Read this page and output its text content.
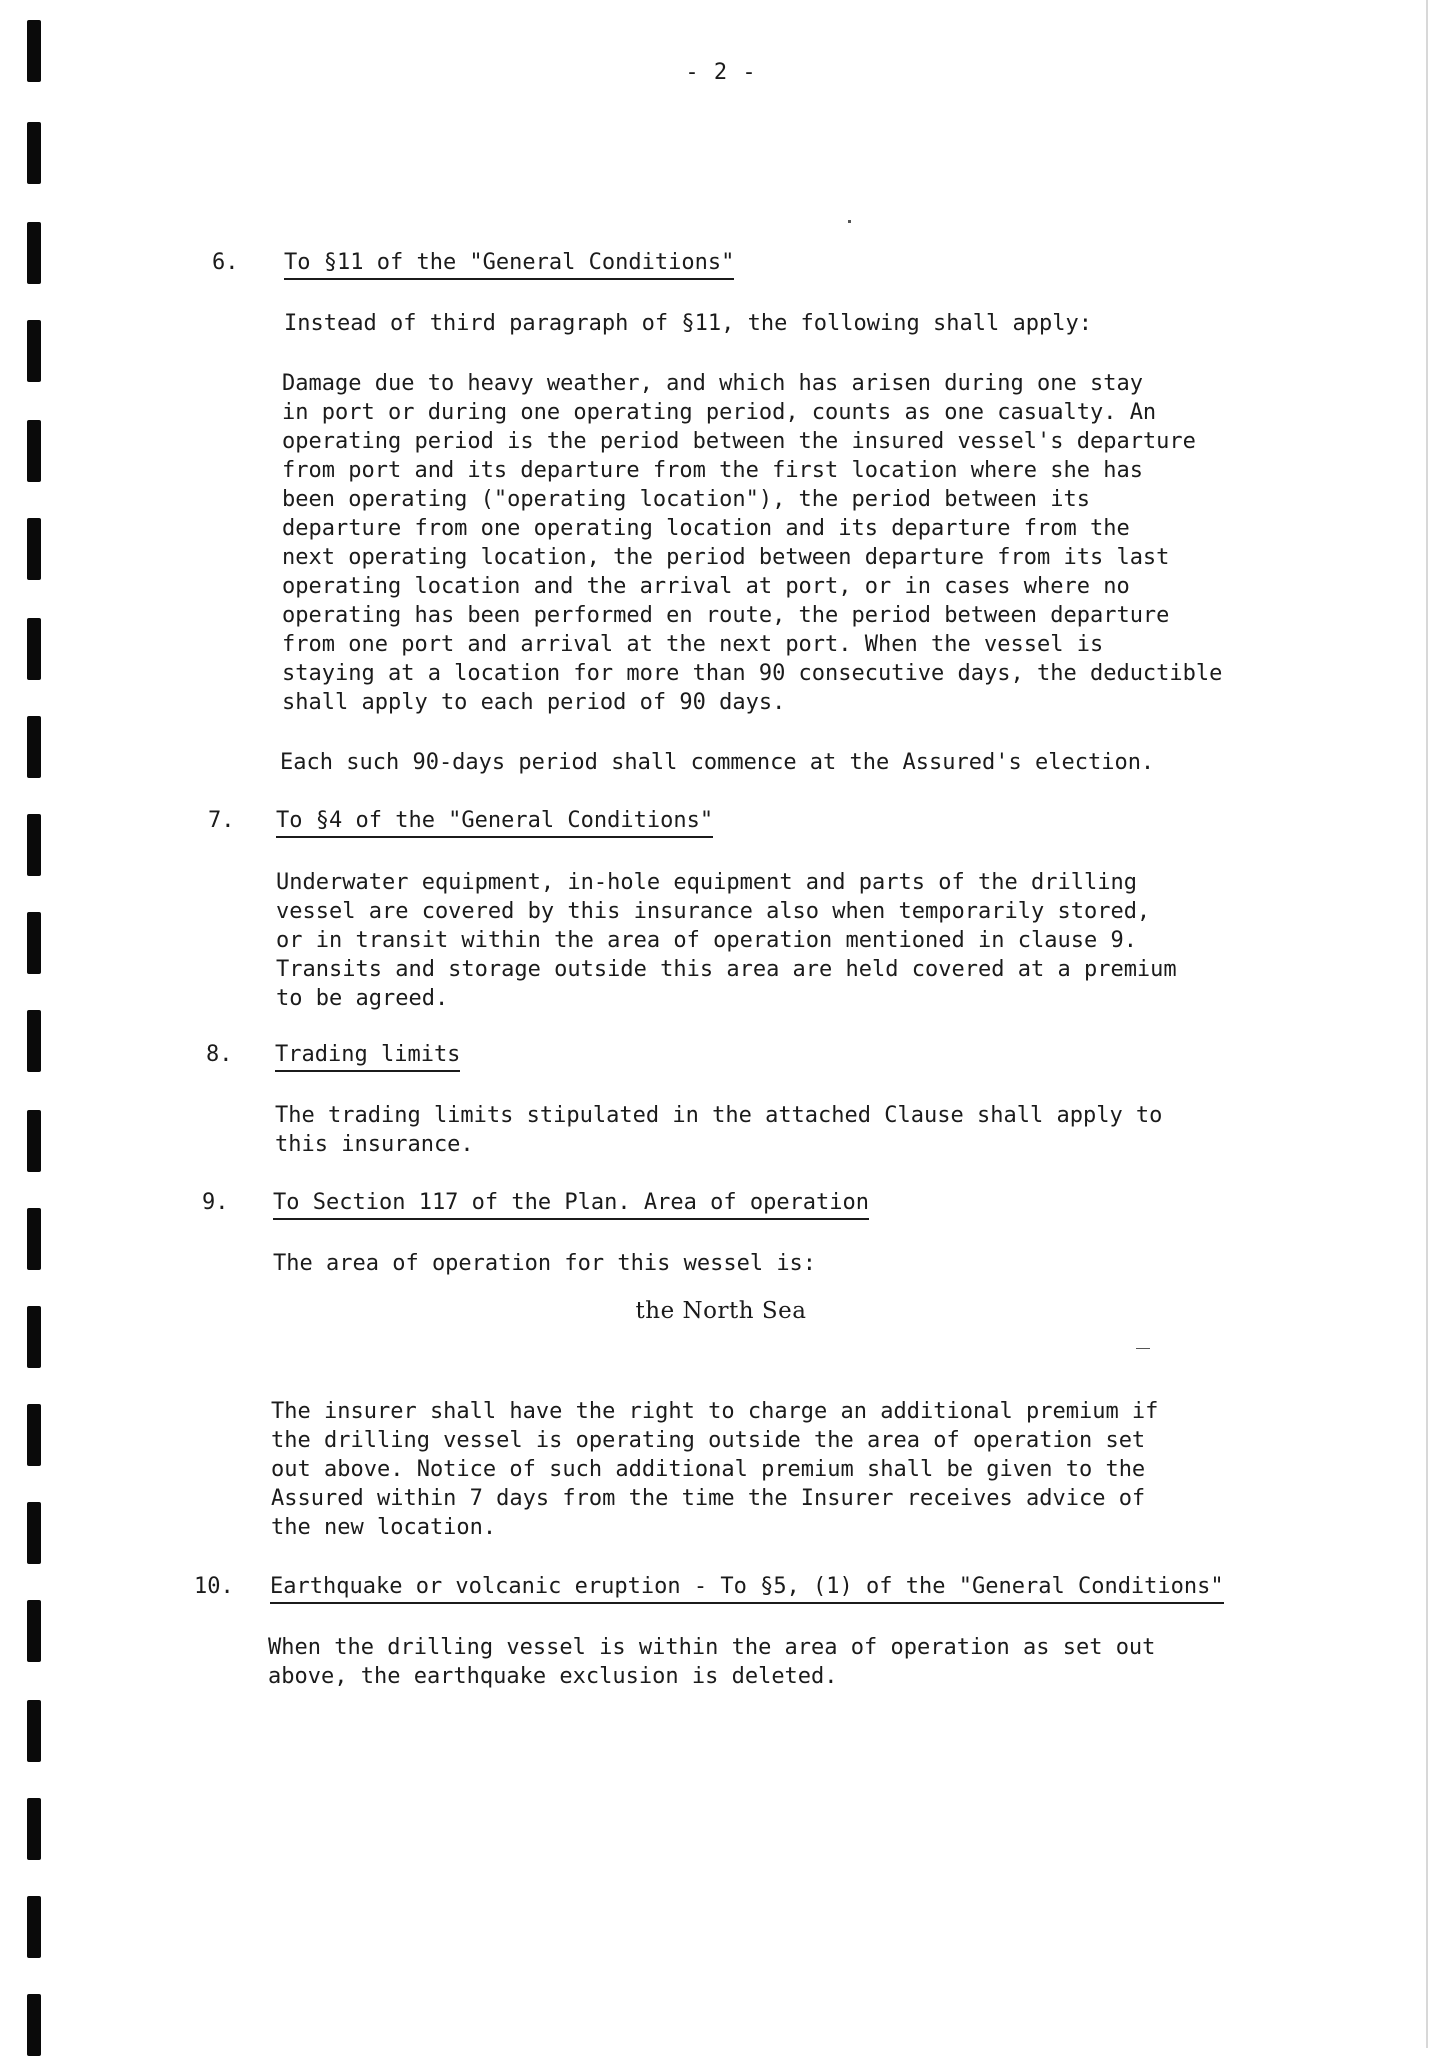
- 2 -
6. To §11 of the "General Conditions"
Instead of third paragraph of §11, the following shall apply:
Damage due to heavy weather, and which has arisen during one stay
in port or during one operating period, counts as one casualty. An
operating period is the period between the insured vessel's departure
from port and its departure from the first location where she has
been operating ("operating location"), the period between its
departure from one operating location and its departure from the
next operating location, the period between departure from its last
operating location and the arrival at port, or in cases where no
operating has been performed en route, the period between departure
from one port and arrival at the next port. When the vessel is
staying at a location for more than 90 consecutive days, the deductible
shall apply to each period of 90 days.
Each such 90-days period shall commence at the Assured's election.
7. To §4 of the "General Conditions"
Underwater equipment, in-hole equipment and parts of the drilling
vessel are covered by this insurance also when temporarily stored,
or in transit within the area of operation mentioned in clause 9.
Transits and storage outside this area are held covered at a premium
to be agreed.
8. Trading limits
The trading limits stipulated in the attached Clause shall apply to
this insurance.
9. To Section 117 of the Plan. Area of operation
The area of operation for this wessel is:
the North Sea
The insurer shall have the right to charge an additional premium if
the drilling vessel is operating outside the area of operation set
out above. Notice of such additional premium shall be given to the
Assured within 7 days from the time the Insurer receives advice of
the new location.
10. Earthquake or volcanic eruption - To §5, (1) of the "General Conditions"
When the drilling vessel is within the area of operation as set out
above, the earthquake exclusion is deleted.
